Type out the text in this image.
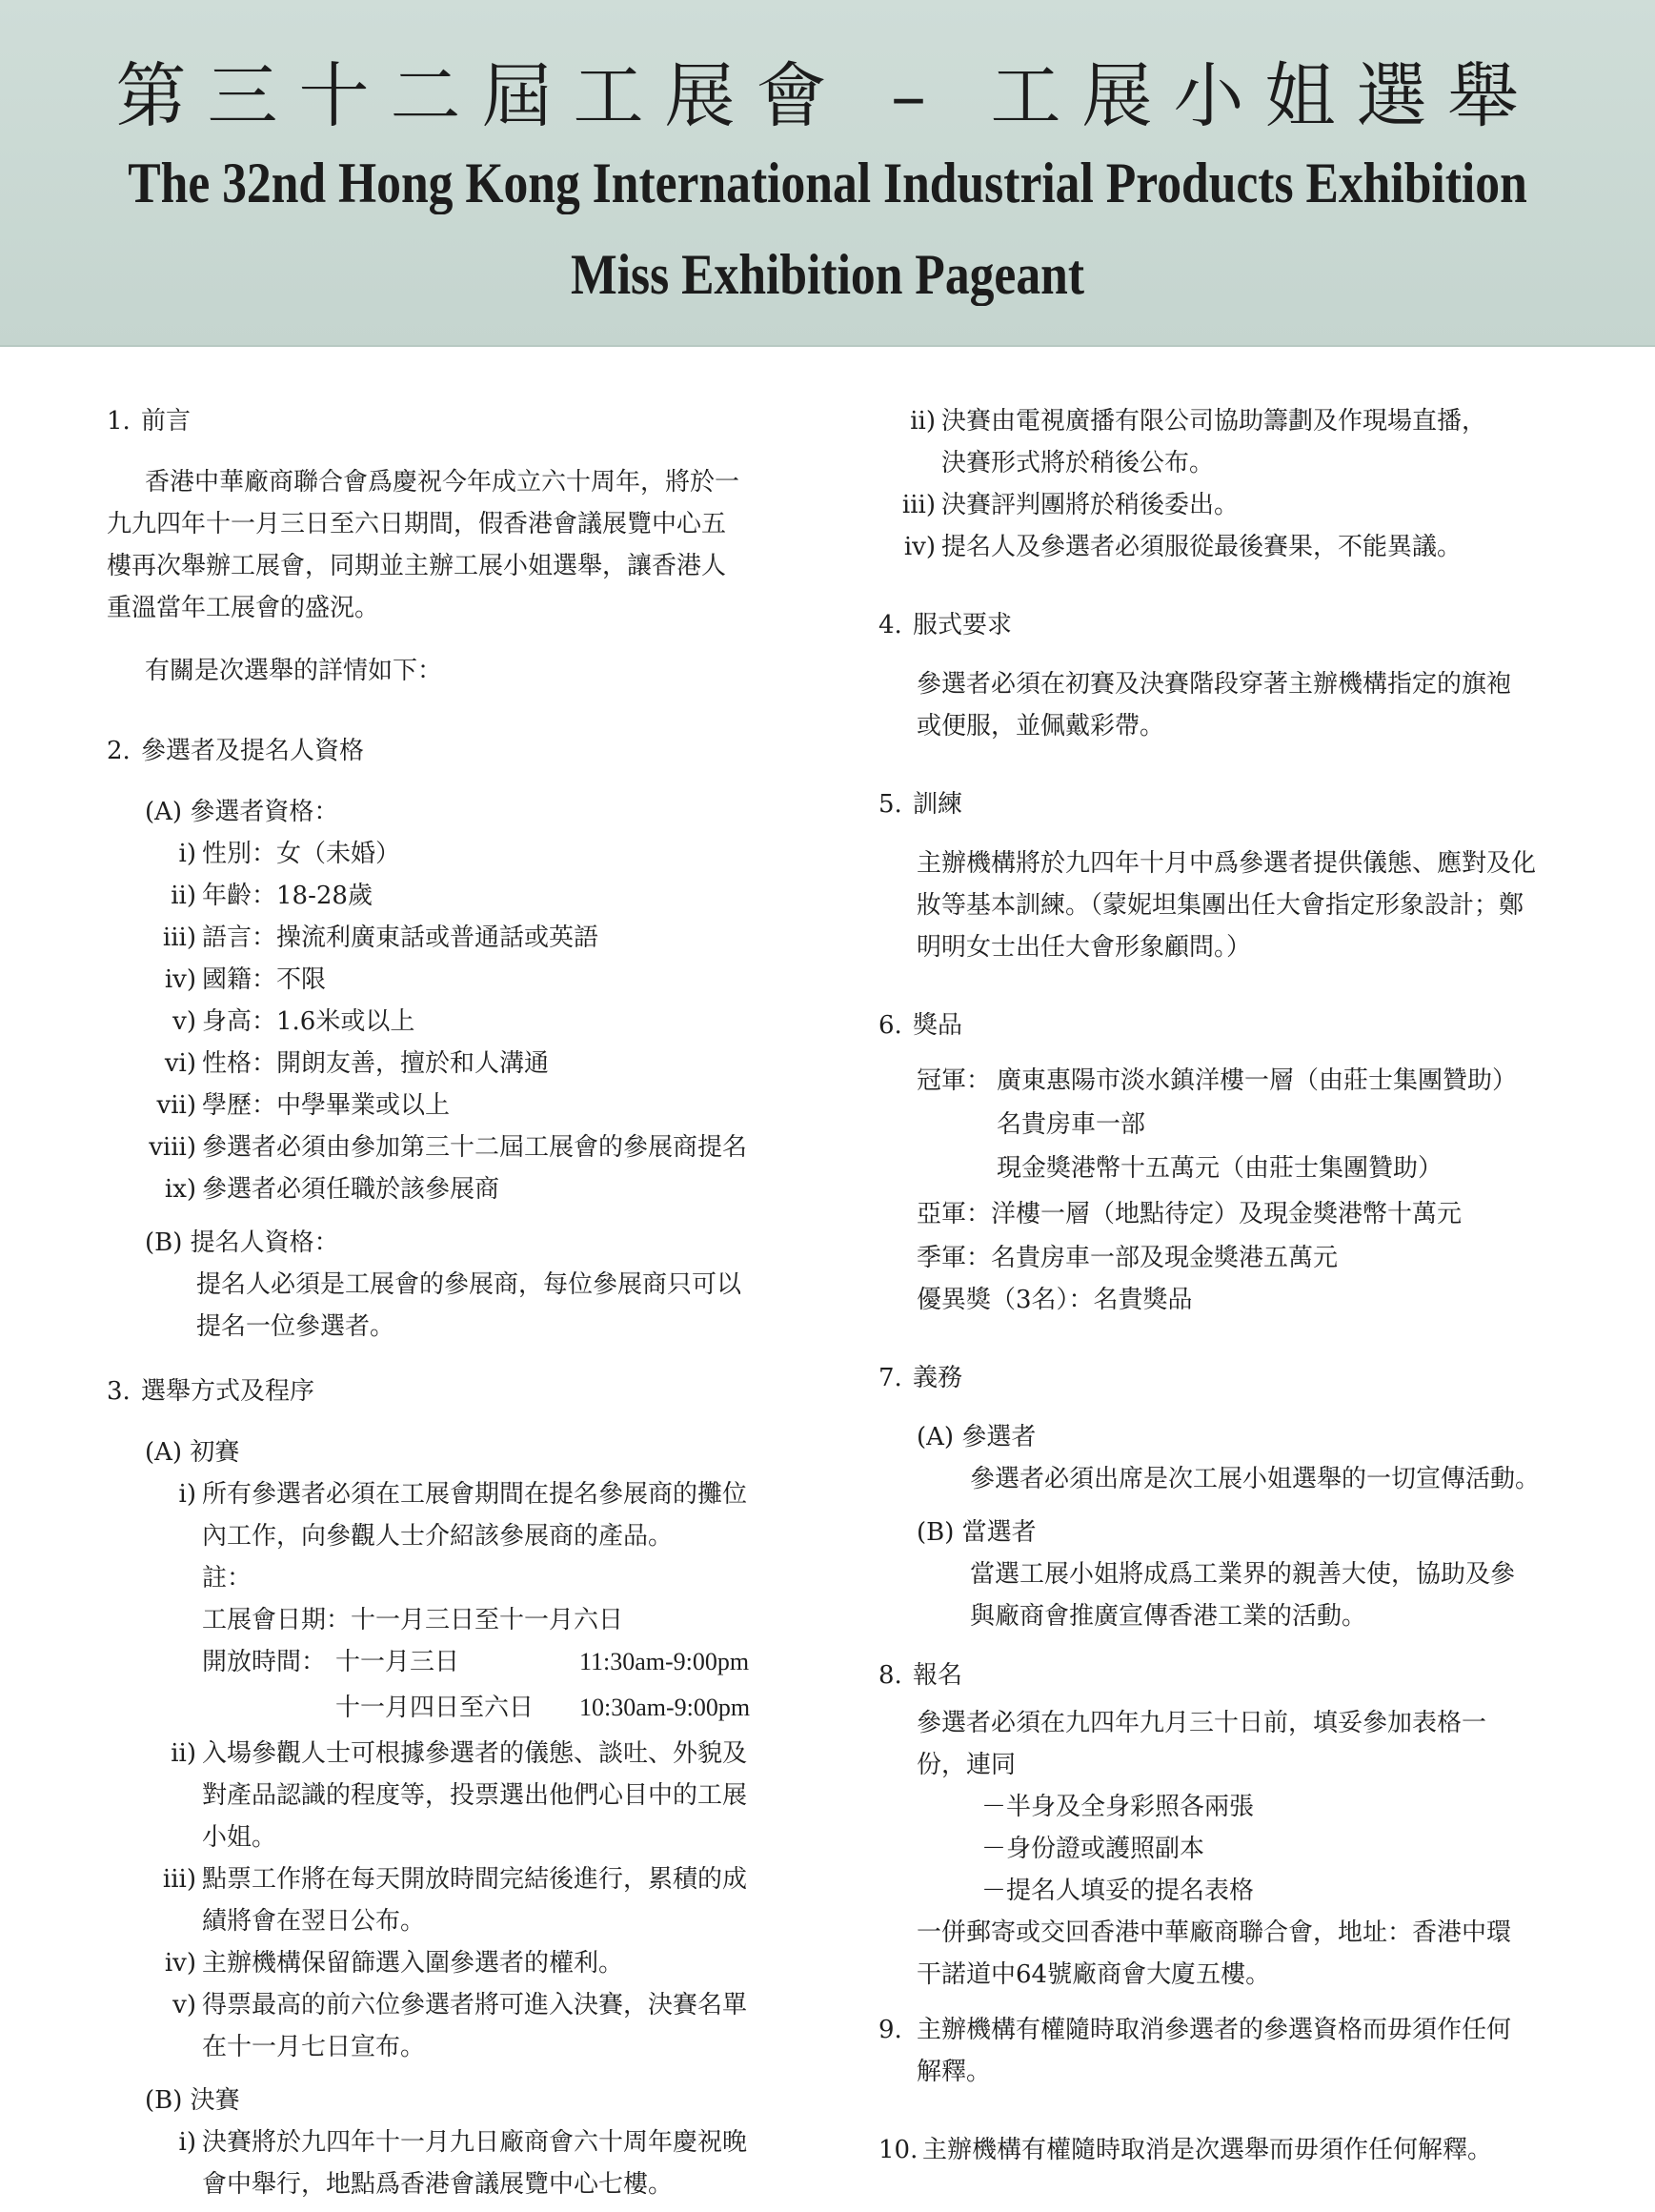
第三十二屆工展會 – 工展小姐選舉
The 32nd Hong Kong International Industrial Products Exhibition
Miss Exhibition Pageant
1. 前言
香港中華廠商聯合會爲慶祝今年成立六十周年，將於一
九九四年十一月三日至六日期間，假香港會議展覽中心五
樓再次舉辦工展會，同期並主辦工展小姐選舉，讓香港人
重溫當年工展會的盛況。
有關是次選舉的詳情如下：
2. 參選者及提名人資格
(A) 參選者資格：
i) 性別：女（未婚）
ii) 年齡：18-28歲
iii) 語言：操流利廣東話或普通話或英語
iv) 國籍：不限
v) 身高：1.6米或以上
vi) 性格：開朗友善，擅於和人溝通
vii) 學歷：中學畢業或以上
viii) 參選者必須由參加第三十二屆工展會的參展商提名
ix) 參選者必須任職於該參展商
(B) 提名人資格：
提名人必須是工展會的參展商，每位參展商只可以
提名一位參選者。
3. 選舉方式及程序
(A) 初賽
i) 所有參選者必須在工展會期間在提名參展商的攤位
內工作，向參觀人士介紹該參展商的產品。
註：
工展會日期：十一月三日至十一月六日
開放時間： 十一月三日	11:30am-9:00pm
十一月四日至六日	10:30am-9:00pm
ii) 入場參觀人士可根據參選者的儀態、談吐、外貌及
對產品認識的程度等，投票選出他們心目中的工展
小姐。
iii) 點票工作將在每天開放時間完結後進行，累積的成
績將會在翌日公布。
iv) 主辦機構保留篩選入圍參選者的權利。
v) 得票最高的前六位參選者將可進入決賽，決賽名單
在十一月七日宣布。
(B) 決賽
i) 決賽將於九四年十一月九日廠商會六十周年慶祝晚
會中舉行，地點爲香港會議展覽中心七樓。
ii) 決賽由電視廣播有限公司協助籌劃及作現場直播，
決賽形式將於稍後公布。
iii) 決賽評判團將於稍後委出。
iv) 提名人及參選者必須服從最後賽果，不能異議。
4. 服式要求
參選者必須在初賽及決賽階段穿著主辦機構指定的旗袍
或便服，並佩戴彩帶。
5. 訓練
主辦機構將於九四年十月中爲參選者提供儀態、應對及化
妝等基本訓練。（蒙妮坦集團出任大會指定形象設計；鄭
明明女士出任大會形象顧問。）
6. 獎品
冠軍： 廣東惠陽市淡水鎮洋樓一層（由莊士集團贊助）
名貴房車一部
現金獎港幣十五萬元（由莊士集團贊助）
亞軍：洋樓一層（地點待定）及現金獎港幣十萬元
季軍：名貴房車一部及現金獎港五萬元
優異獎（3名）：名貴獎品
7. 義務
(A) 參選者
參選者必須出席是次工展小姐選舉的一切宣傳活動。
(B) 當選者
當選工展小姐將成爲工業界的親善大使，協助及參
與廠商會推廣宣傳香港工業的活動。
8. 報名
參選者必須在九四年九月三十日前，填妥參加表格一
份，連同
－半身及全身彩照各兩張
－身份證或護照副本
－提名人填妥的提名表格
一併郵寄或交回香港中華廠商聯合會，地址：香港中環
干諾道中64號廠商會大廈五樓。
9. 主辦機構有權隨時取消參選者的參選資格而毋須作任何
解釋。
10. 主辦機構有權隨時取消是次選舉而毋須作任何解釋。
